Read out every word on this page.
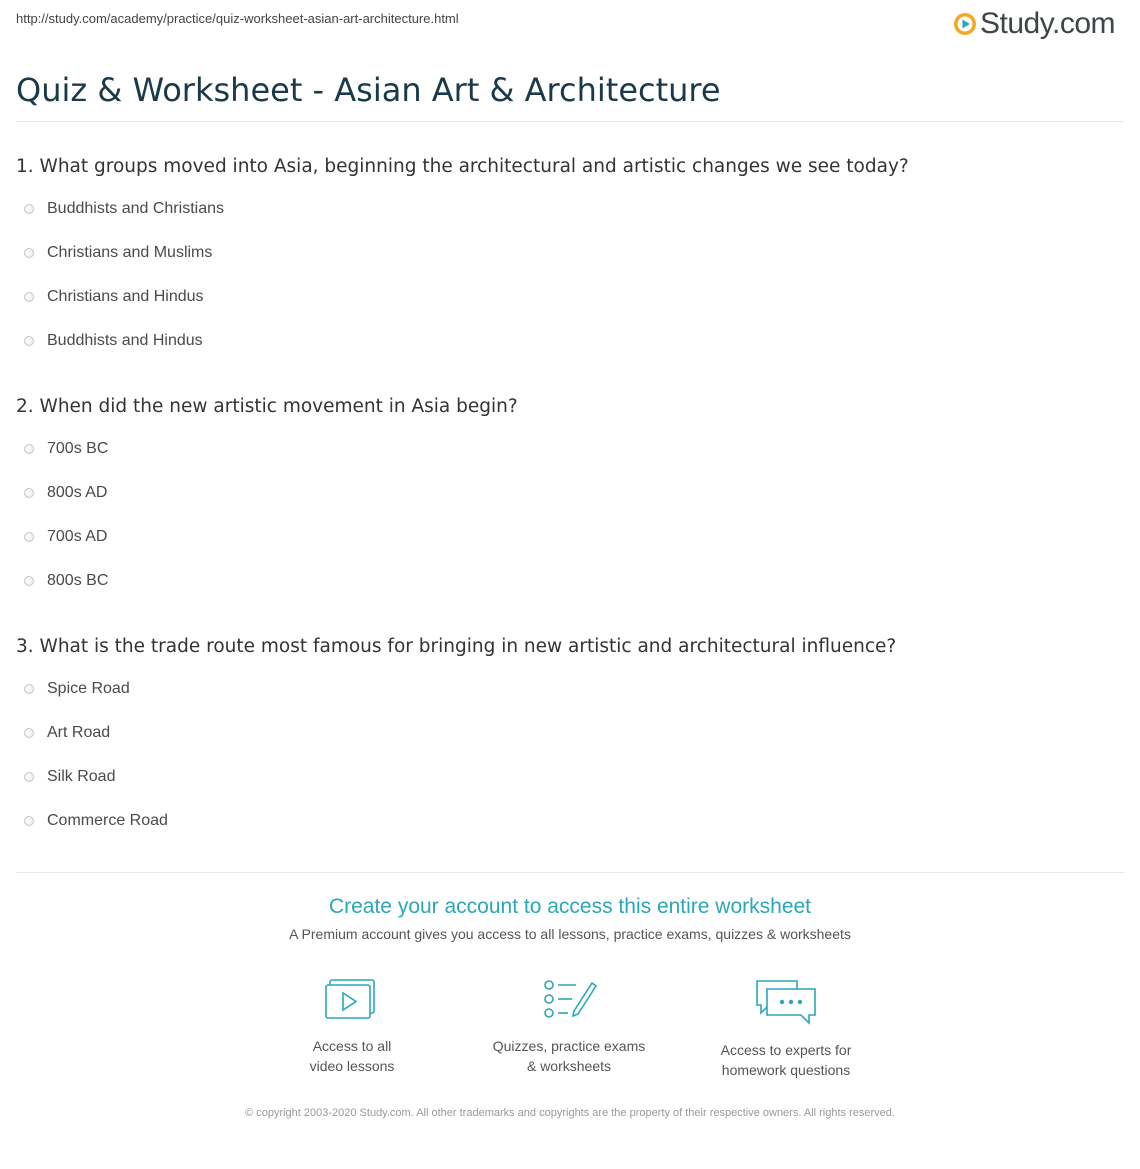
http://study.com/academy/practice/quiz-worksheet-asian-art-architecture.html	Study.com
Quiz & Worksheet - Asian Art & Architecture
1. What groups moved into Asia, beginning the architectural and artistic changes we see today?
Buddhists and Christians
Christians and Muslims
Christians and Hindus
Buddhists and Hindus
2. When did the new artistic movement in Asia begin?
700s BC
800s AD
700s AD
800s BC
3. What is the trade route most famous for bringing in new artistic and architectural influence?
Spice Road
Art Road
Silk Road
Commerce Road
Create your account to access this entire worksheet
A Premium account gives you access to all lessons, practice exams, quizzes & worksheets
Access to all
video lessons
Quizzes, practice exams
& worksheets
Access to experts for
homework questions
© copyright 2003-2020 Study.com. All other trademarks and copyrights are the property of their respective owners. All rights reserved.
